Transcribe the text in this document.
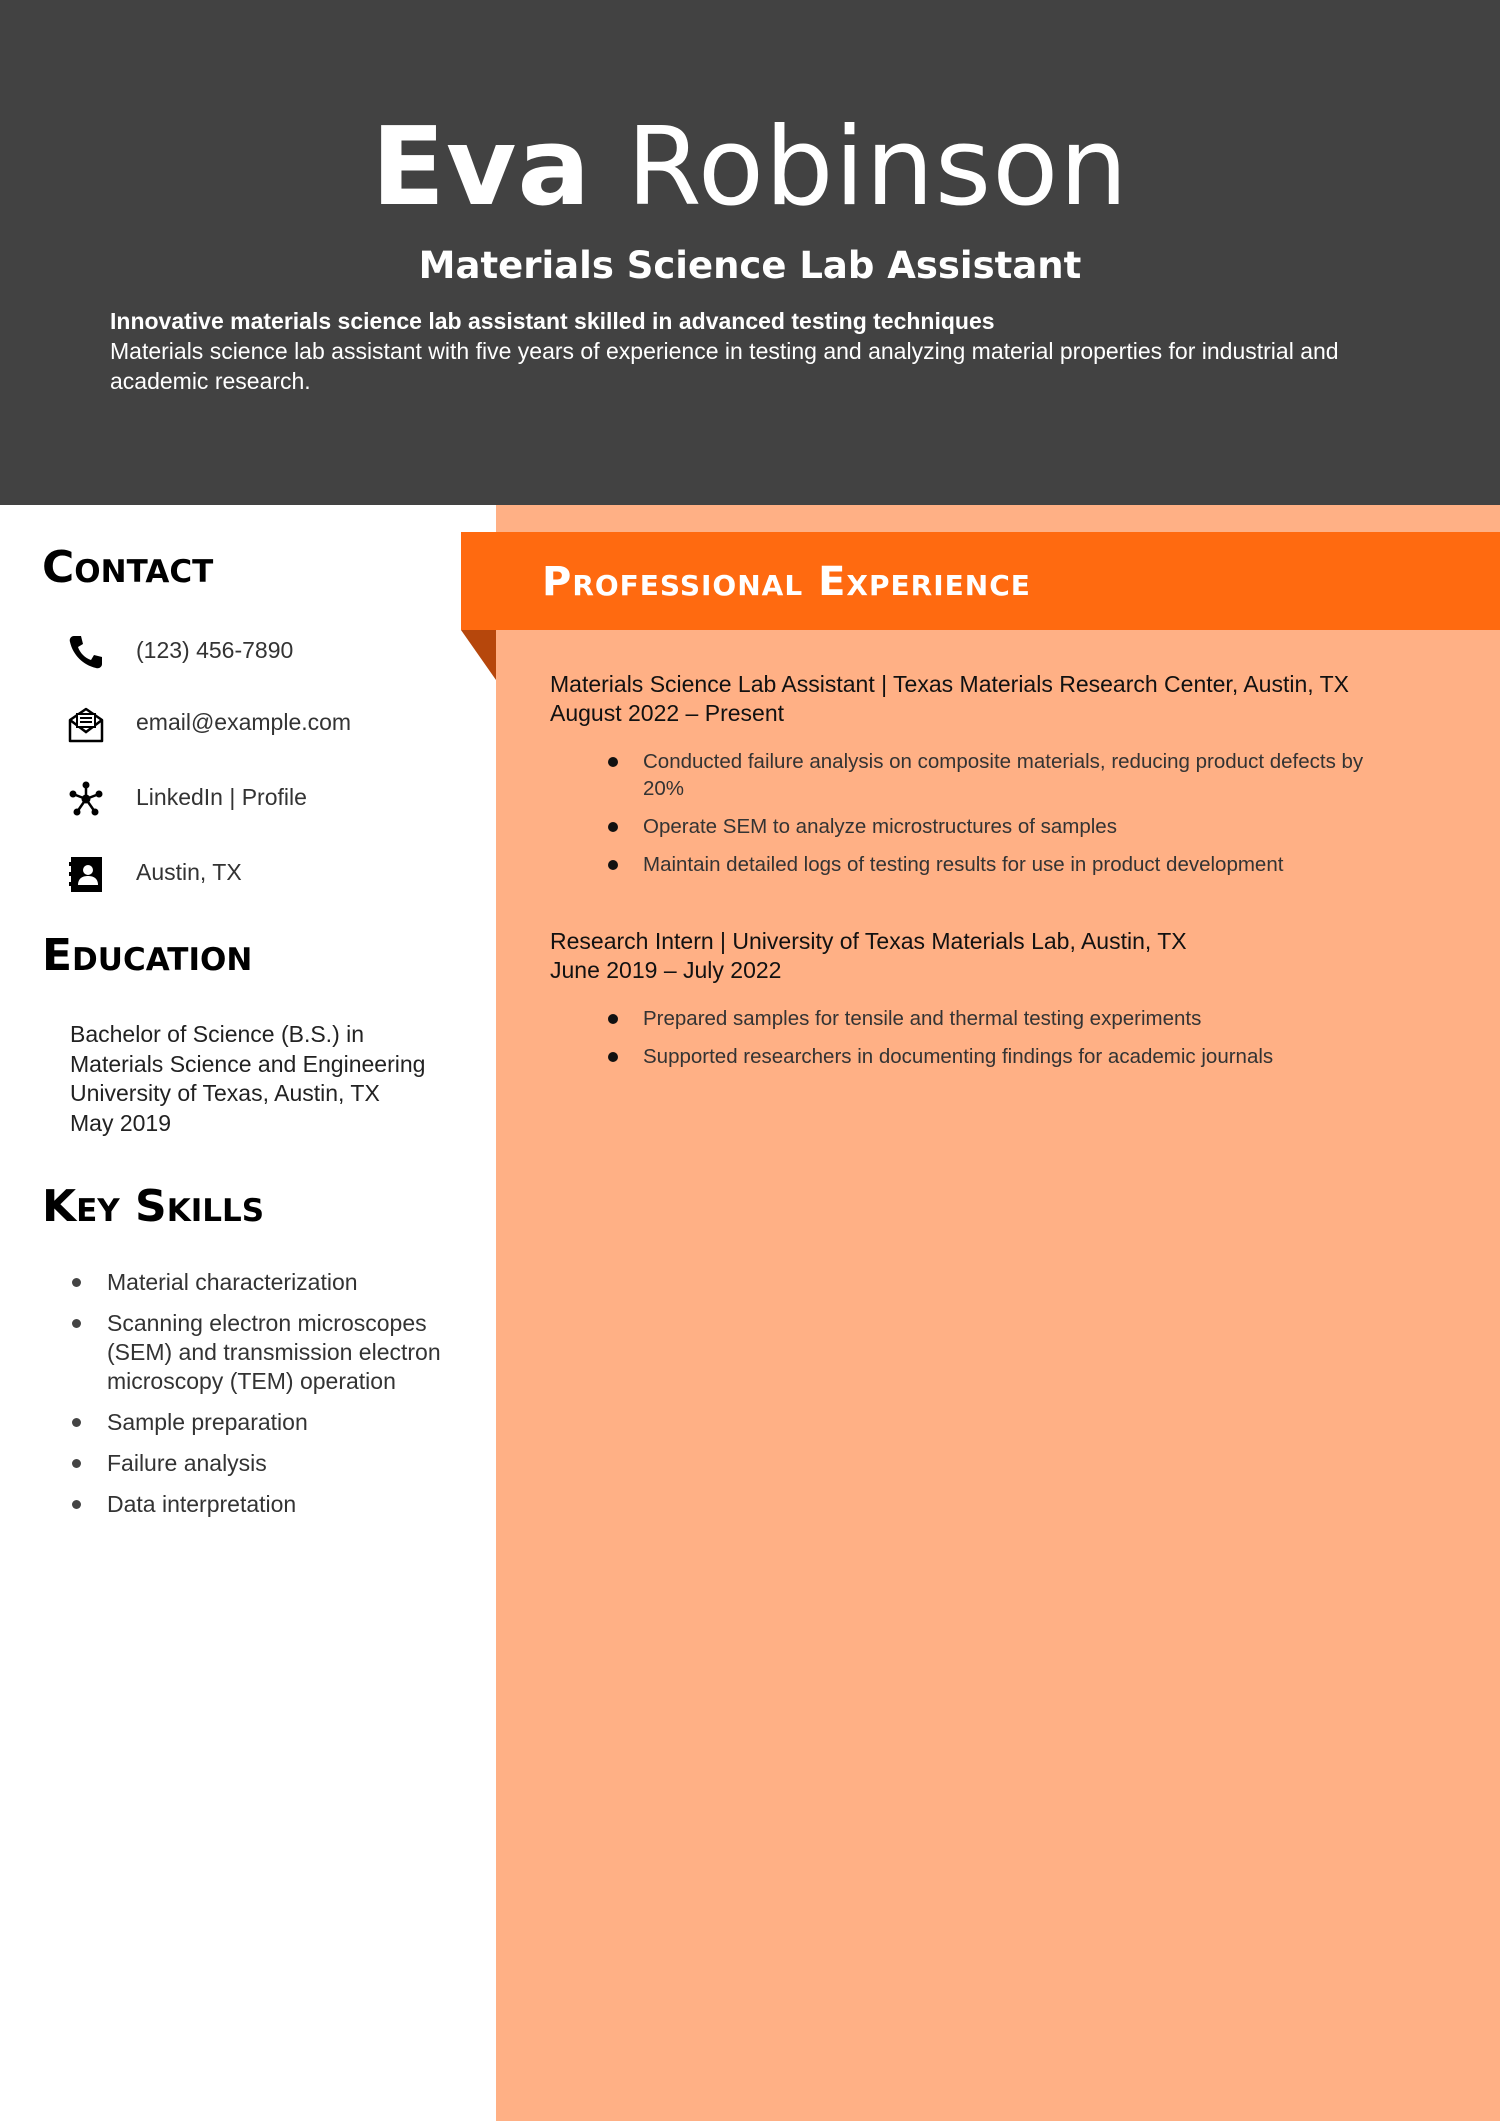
Eva Robinson
Materials Science Lab Assistant
Innovative materials science lab assistant skilled in advanced testing techniques
Materials science lab assistant with five years of experience in testing and analyzing material properties for industrial and academic research.
Professional Experience

Materials Science Lab Assistant | Texas Materials Research Center, Austin, TX

August 2022 – Present

Conducted failure analysis on composite materials, reducing product defects by 20%
Operate SEM to analyze microstructures of samples
Maintain detailed logs of testing results for use in product development

Research Intern | University of Texas Materials Lab, Austin, TX

June 2019 – July 2022

Prepared samples for tensile and thermal testing experiments
Supported researchers in documenting findings for academic journals
Contact
(123) 456-7890
email@example.com
LinkedIn | Profile
Austin, TX
Education
Bachelor of Science (B.S.) in
Materials Science and Engineering
University of Texas, Austin, TX
May 2019
Key Skills
Material characterization
Scanning electron microscopes (SEM) and transmission electron microscopy (TEM) operation
Sample preparation
Failure analysis
Data interpretation
